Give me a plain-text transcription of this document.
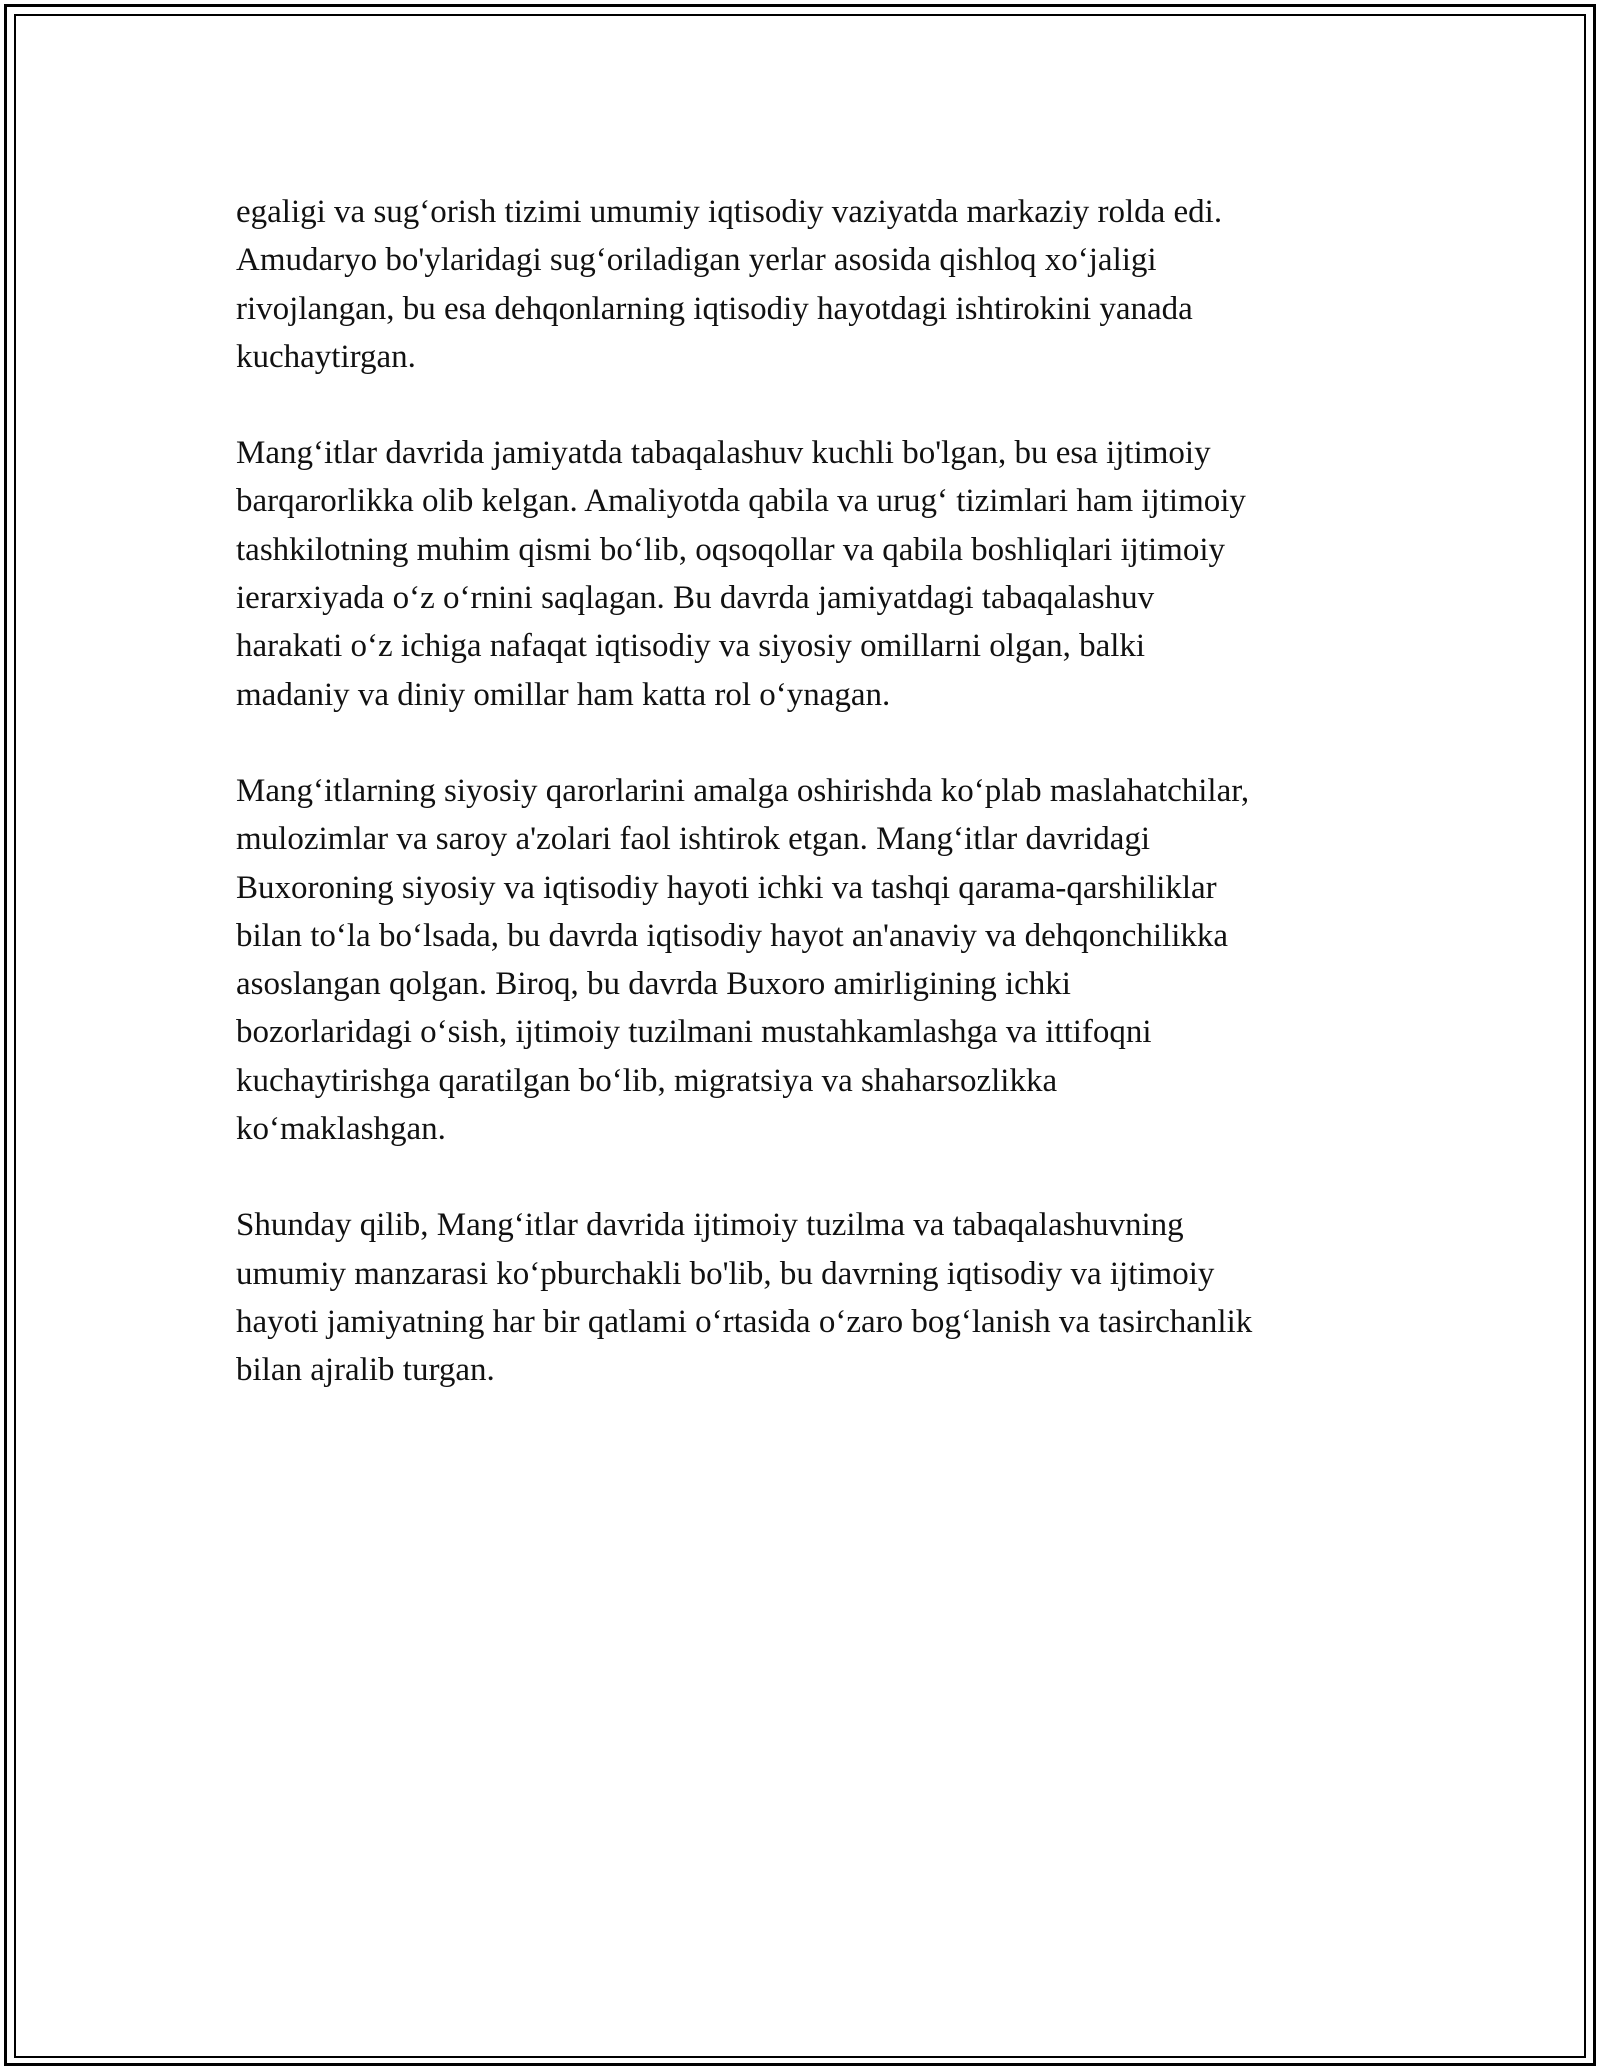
egaligi va sug‘orish tizimi umumiy iqtisodiy vaziyatda markaziy rolda edi.
Amudaryo bo'ylaridagi sug‘oriladigan yerlar asosida qishloq xo‘jaligi
rivojlangan, bu esa dehqonlarning iqtisodiy hayotdagi ishtirokini yanada
kuchaytirgan.

Mang‘itlar davrida jamiyatda tabaqalashuv kuchli bo'lgan, bu esa ijtimoiy
barqarorlikka olib kelgan. Amaliyotda qabila va urug‘ tizimlari ham ijtimoiy
tashkilotning muhim qismi bo‘lib, oqsoqollar va qabila boshliqlari ijtimoiy
ierarxiyada o‘z o‘rnini saqlagan. Bu davrda jamiyatdagi tabaqalashuv
harakati o‘z ichiga nafaqat iqtisodiy va siyosiy omillarni olgan, balki
madaniy va diniy omillar ham katta rol o‘ynagan.

Mang‘itlarning siyosiy qarorlarini amalga oshirishda ko‘plab maslahatchilar,
mulozimlar va saroy a'zolari faol ishtirok etgan. Mang‘itlar davridagi
Buxoroning siyosiy va iqtisodiy hayoti ichki va tashqi qarama-qarshiliklar
bilan to‘la bo‘lsada, bu davrda iqtisodiy hayot an'anaviy va dehqonchilikka
asoslangan qolgan. Biroq, bu davrda Buxoro amirligining ichki
bozorlaridagi o‘sish, ijtimoiy tuzilmani mustahkamlashga va ittifoqni
kuchaytirishga qaratilgan bo‘lib, migratsiya va shaharsozlikka
ko‘maklashgan.

Shunday qilib, Mang‘itlar davrida ijtimoiy tuzilma va tabaqalashuvning
umumiy manzarasi ko‘pburchakli bo'lib, bu davrning iqtisodiy va ijtimoiy
hayoti jamiyatning har bir qatlami o‘rtasida o‘zaro bog‘lanish va tasirchanlik
bilan ajralib turgan.
